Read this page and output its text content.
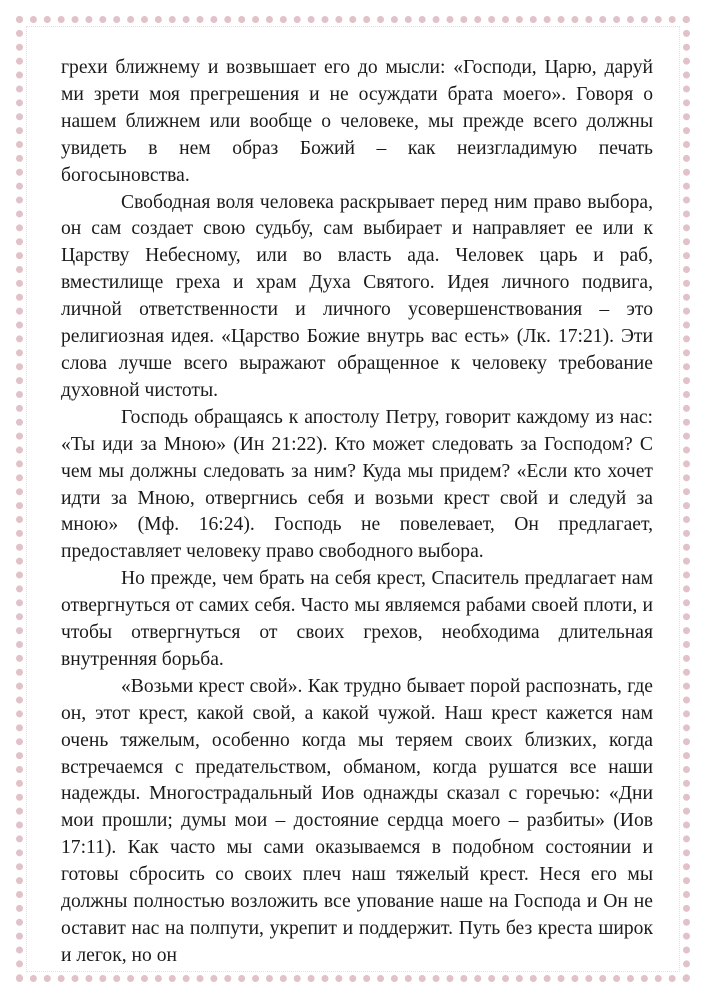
грехи ближнему и возвышает его до мысли: «Господи, Царю, даруй ми зрети моя прегрешения и не осуждати брата моего». Говоря о нашем ближнем или вообще о человеке, мы прежде всего должны увидеть в нем образ Божий – как неизгладимую печать богосыновства.

Свободная воля человека раскрывает перед ним право выбора, он сам создает свою судьбу, сам выбирает и направляет ее или к Царству Небесному, или во власть ада. Человек царь и раб, вместилище греха и храм Духа Святого. Идея личного подвига, личной ответственности и личного усовершенствования – это религиозная идея. «Царство Божие внутрь вас есть» (Лк. 17:21). Эти слова лучше всего выражают обращенное к человеку требование духовной чистоты.

Господь обращаясь к апостолу Петру, говорит каждому из нас: «Ты иди за Мною» (Ин 21:22). Кто может следовать за Господом? С чем мы должны следовать за ним? Куда мы придем? «Если кто хочет идти за Мною, отвергнись себя и возьми крест свой и следуй за мною» (Мф. 16:24). Господь не повелевает, Он предлагает, предоставляет человеку право свободного выбора.

Но прежде, чем брать на себя крест, Спаситель предлагает нам отвергнуться от самих себя. Часто мы являемся рабами своей плоти, и чтобы отвергнуться от своих грехов, необходима длительная внутренняя борьба.

«Возьми крест свой». Как трудно бывает порой распознать, где он, этот крест, какой свой, а какой чужой. Наш крест кажется нам очень тяжелым, особенно когда мы теряем своих близких, когда встречаемся с предательством, обманом, когда рушатся все наши надежды. Многострадальный Иов однажды сказал с горечью: «Дни мои прошли; думы мои – достояние сердца моего – разбиты» (Иов 17:11). Как часто мы сами оказываемся в подобном состоянии и готовы сбросить со своих плеч наш тяжелый крест. Неся его мы должны полностью возложить все упование наше на Господа и Он не оставит нас на полпути, укрепит и поддержит. Путь без креста широк и легок, но он
